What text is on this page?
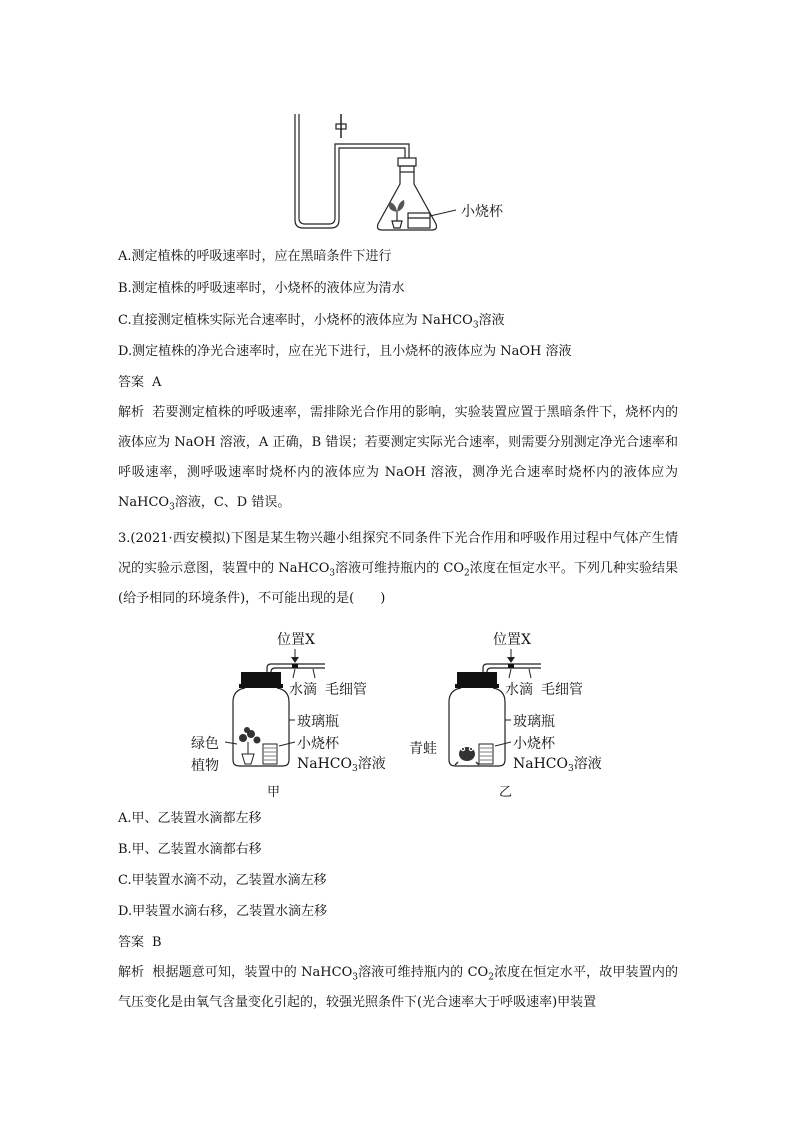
小烧杯
A.测定植株的呼吸速率时，应在黑暗条件下进行
B.测定植株的呼吸速率时，小烧杯的液体应为清水
C.直接测定植株实际光合速率时，小烧杯的液体应为 NaHCO$_3$溶液
D.测定植株的净光合速率时，应在光下进行，且小烧杯的液体应为 NaOH 溶液
答案 A
解析 若要测定植株的呼吸速率，需排除光合作用的影响，实验装置应置于黑暗条件下，烧杯内的液体应为 NaOH 溶液，A 正确，B 错误；若要测定实际光合速率，则需要分别测定净光合速率和呼吸速率，测呼吸速率时烧杯内的液体应为 NaOH 溶液，测净光合速率时烧杯内的液体应为 NaHCO$_3$溶液，C、D 错误。
3.(2021·西安模拟)下图是某生物兴趣小组探究不同条件下光合作用和呼吸作用过程中气体产生情况的实验示意图，装置中的 NaHCO$_3$溶液可维持瓶内的 $CO_2$浓度在恒定水平。下列几种实验结果(给予相同的环境条件)，不可能出现的是(　　)
位置X
水滴 毛细管
玻璃瓶
小烧杯
NaHCO$_3$溶液
绿色
植物
甲
位置X
水滴 毛细管
玻璃瓶
小烧杯
NaHCO$_3$溶液
青蛙
乙
A.甲、乙装置水滴都左移
B.甲、乙装置水滴都右移
C.甲装置水滴不动，乙装置水滴左移
D.甲装置水滴右移，乙装置水滴左移
答案 B
解析 根据题意可知，装置中的 NaHCO$_3$溶液可维持瓶内的 $CO_2$浓度在恒定水平，故甲装置内的气压变化是由氧气含量变化引起的，较强光照条件下(光合速率大于呼吸速率)甲装置
